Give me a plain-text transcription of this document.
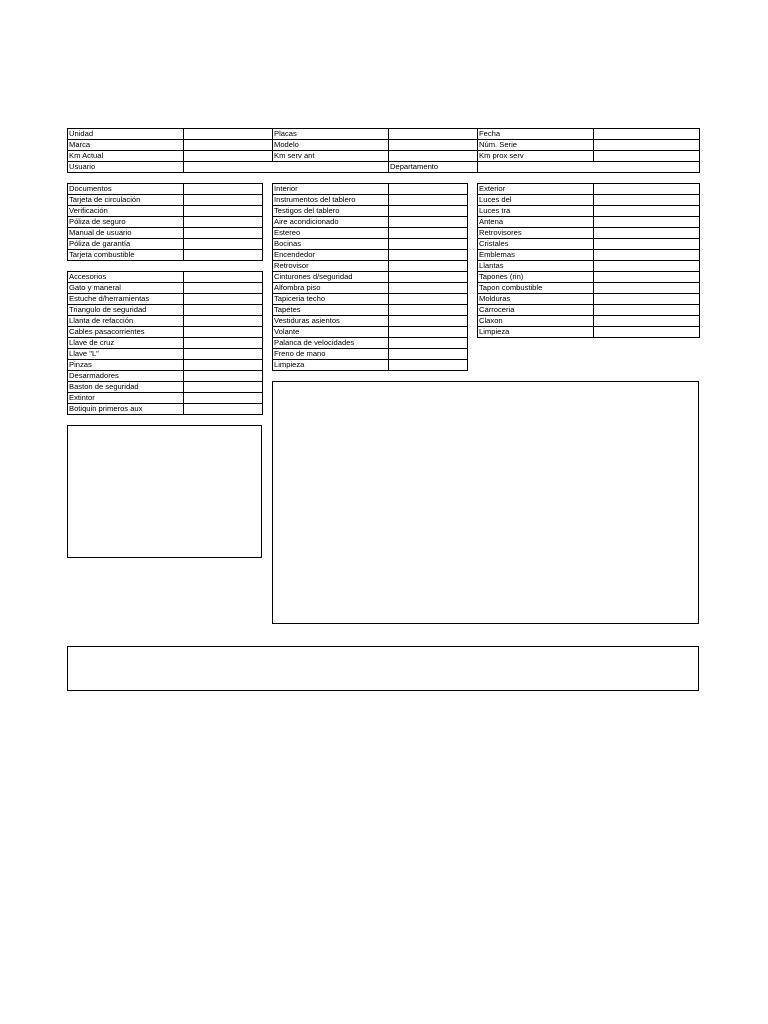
Unidad		Placas		Fecha	
Marca		Modelo		Núm. Serie	
Km Actual		Km serv ant		Km prox serv	
Usuario			Departamento		
Documentos	
Tarjeta de circulación	
Verificación	
Póliza de seguro	
Manual de usuario	
Póliza de garantía	
Tarjeta combustible	
Accesorios	
Gato y maneral	
Estuche d/herramientas	
Triangulo de seguridad	
Llanta de refacción	
Cables pasacorrientes	
Llave de cruz	
Llave "L"	
Pinzas	
Desarmadores	
Baston de seguridad	
Extintor	
Botiquin primeros aux	
Interior	
Instrumentos del tablero	
Testigos del tablero	
Aire acondicionado	
Estereo	
Bocinas	
Encendedor	
Retrovisor	
Cinturones d/seguridad	
Alfombra piso	
Tapiceria techo	
Tapetes	
Vestiduras asientos	
Volante	
Palanca de velocidades	
Freno de mano	
Limpieza	
Exterior	
Luces del	
Luces tra	
Antena	
Retrovisores	
Cristales	
Emblemas	
Llantas	
Tapones (rin)	
Tapon combustible	
Molduras	
Carroceria	
Claxon	
Limpieza	
